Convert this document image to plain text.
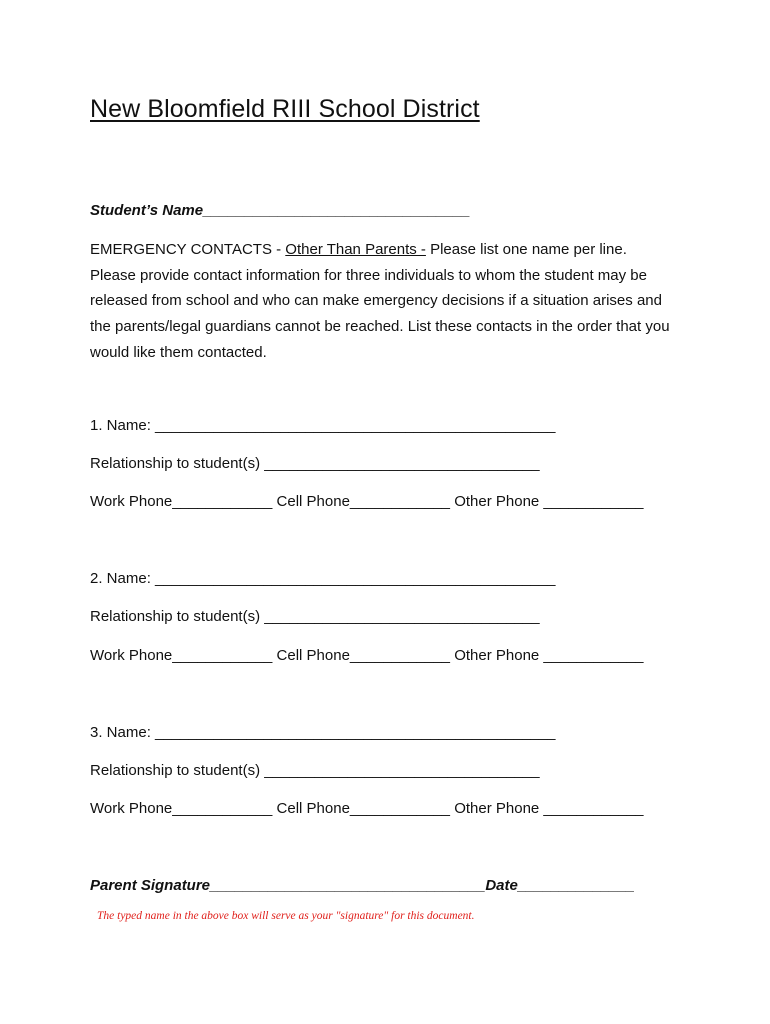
New Bloomfield RIII School District
Student’s Name________________________________
EMERGENCY CONTACTS - Other Than Parents - Please list one name per line. Please provide contact information for three individuals to whom the student may be released from school and who can make emergency decisions if a situation arises and the parents/legal guardians cannot be reached. List these contacts in the order that you would like them contacted.
1. Name: ________________________________________________
Relationship to student(s) _________________________________
Work Phone____________ Cell Phone____________ Other Phone ____________
2. Name: ________________________________________________
Relationship to student(s) _________________________________
Work Phone____________ Cell Phone____________ Other Phone ____________
3. Name: ________________________________________________
Relationship to student(s) _________________________________
Work Phone____________ Cell Phone____________ Other Phone ____________
Parent Signature_________________________________Date______________
The typed name in the above box will serve as your "signature" for this document.
